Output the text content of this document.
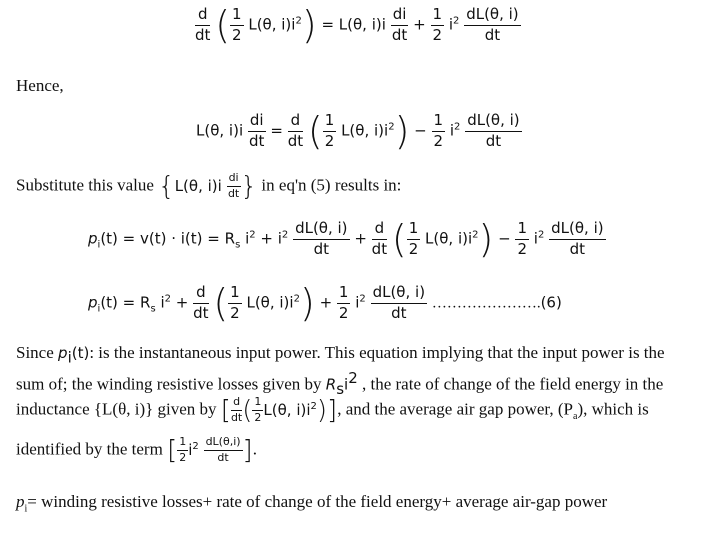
$\frac{d}{dt}$ ( $\frac{1}{2} L(\theta$, $i)i^2) = L(\theta$, $i)i \frac{di}{dt} + \frac{1}{2} i^2 \frac{dL(\theta, i)}{dt}$
Hence,
L(θ, $i)i \frac{di}{dt} = \frac{d}{dt}$ ( $\frac{1}{2} L(\theta$, $i)i^2) - \frac{1}{2} i^2 \frac{dL(\theta, i)}{dt}$
Substitute this value {L(θ, $i)i \frac{di}{dt}$ } in eq'n (5) results in:
$p_i(t) = v(t) \cdot i(t) = R_s$ $i^2 + i^2 \frac{dL(\theta, i)}{dt} + \frac{d}{dt}$ ( $\frac{1}{2} L(\theta$, $i)i^2) - \frac{1}{2} i^2 \frac{dL(\theta, i)}{dt}$
$p_i(t) = R_s$ $i^2 + \frac{d}{dt}$ ( $\frac{1}{2} L(\theta$, $i)i^2) + \frac{1}{2} i^2 \frac{dL(\theta, i)}{dt}$ ………………….(6)
Since $p_i(t)$: is the instantaneous input power. This equation implying that the input power is the
sum of; the winding resistive losses given by $R_si^2$ , the rate of change of the field energy in the
inductance {L(θ, i)} given by [ $\frac{d}{dt}$ ( $\frac{1}{2} L(\theta$, $i)i^2$)], and the average air gap power, $(P_a)$, which is
identified by the term [ $\frac{1}{2} i^2 \frac{dL(\theta,i)}{dt}$ ].
$p_i=$ winding resistive losses+ rate of change of the field energy+ average air-gap power
